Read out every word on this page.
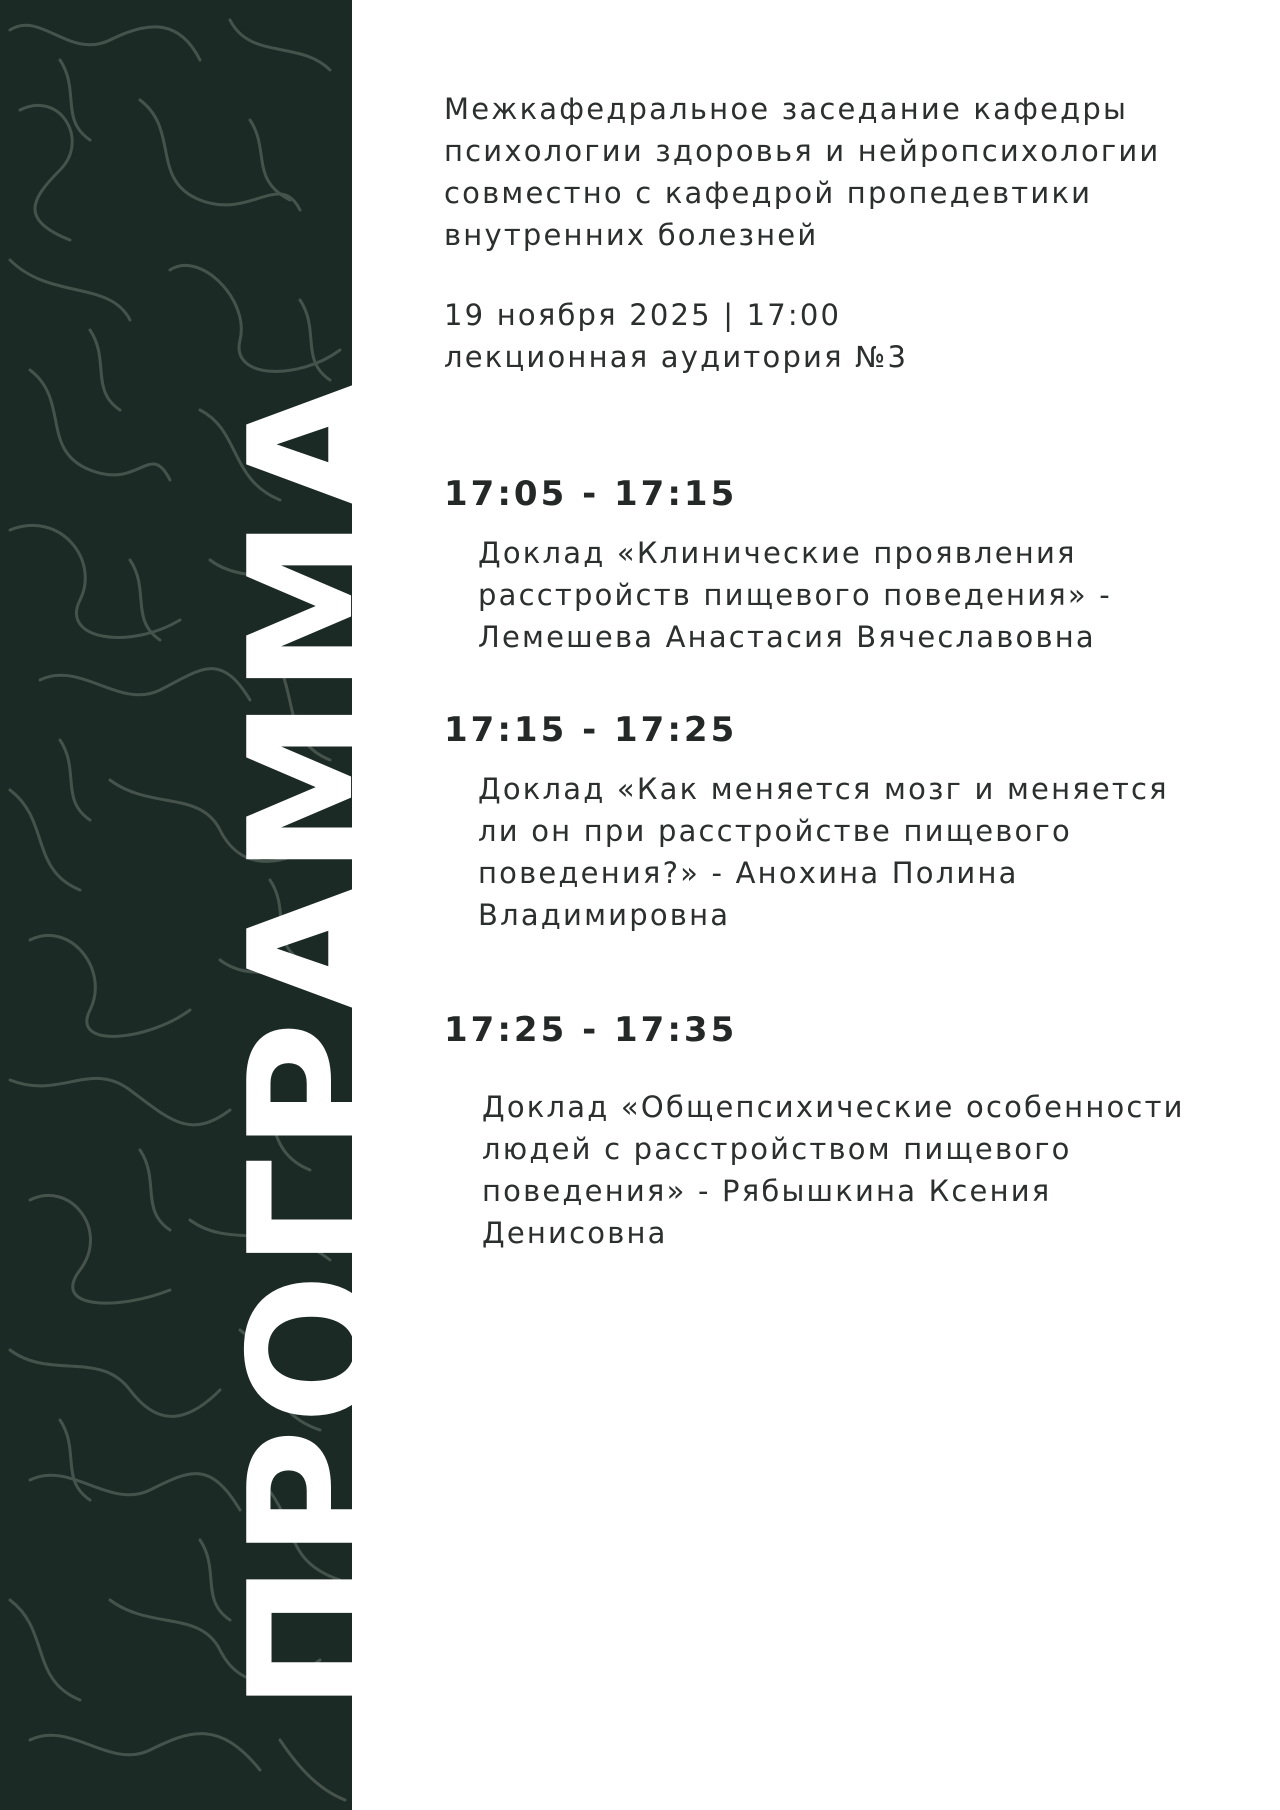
ПРОГРАММА

Межкафедральное заседание кафедры психологии здоровья и нейропсихологии совместно с кафедрой пропедевтики внутренних болезней

19 ноября 2025 | 17:00
лекционная аудитория №3
17:05 - 17:15
Доклад «Клинические проявления расстройств пищевого поведения» - Лемешева Анастасия Вячеславовна
17:15 - 17:25
Доклад «Как меняется мозг и меняется ли он при расстройстве пищевого поведения?» - Анохина Полина Владимировна
17:25 - 17:35
Доклад «Общепсихические особенности людей с расстройством пищевого поведения» - Рябышкина Ксения Денисовна
